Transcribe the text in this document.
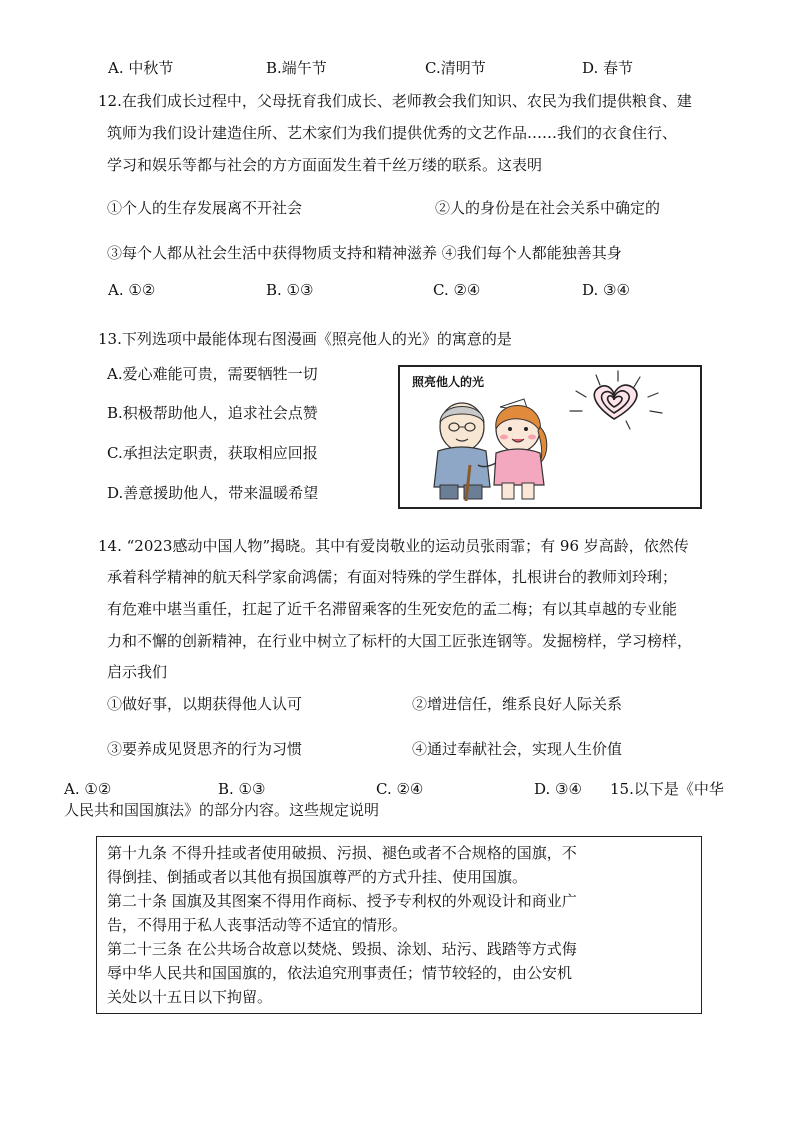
A. 中秋节	B.端午节	C.清明节	D. 春节
12.在我们成长过程中，父母抚育我们成长、老师教会我们知识、农民为我们提供粮食、建
筑师为我们设计建造住所、艺术家们为我们提供优秀的文艺作品……我们的衣食住行、
学习和娱乐等都与社会的方方面面发生着千丝万缕的联系。这表明
①个人的生存发展离不开社会	②人的身份是在社会关系中确定的
③每个人都从社会生活中获得物质支持和精神滋养 ④我们每个人都能独善其身
A. ①②	B. ①③	C. ②④	D. ③④
13.下列选项中最能体现右图漫画《照亮他人的光》的寓意的是
A.爱心难能可贵，需要牺牲一切
B.积极帮助他人，追求社会点赞
C.承担法定职责，获取相应回报
D.善意援助他人，带来温暖希望
照亮他人的光
14. “2023感动中国人物”揭晓。其中有爱岗敬业的运动员张雨霏；有 96 岁高龄，依然传
承着科学精神的航天科学家俞鸿儒；有面对特殊的学生群体，扎根讲台的教师刘玲琍；
有危难中堪当重任，扛起了近千名滞留乘客的生死安危的孟二梅；有以其卓越的专业能
力和不懈的创新精神，在行业中树立了标杆的大国工匠张连钢等。发掘榜样，学习榜样，
启示我们
①做好事，以期获得他人认可	②增进信任，维系良好人际关系
③要养成见贤思齐的行为习惯	④通过奉献社会，实现人生价值
A. ①②	B. ①③	C. ②④	D. ③④ 15.以下是《中华
人民共和国国旗法》的部分内容。这些规定说明
第十九条 不得升挂或者使用破损、污损、褪色或者不合规格的国旗，不
得倒挂、倒插或者以其他有损国旗尊严的方式升挂、使用国旗。
第二十条 国旗及其图案不得用作商标、授予专利权的外观设计和商业广
告，不得用于私人丧事活动等不适宜的情形。
第二十三条 在公共场合故意以焚烧、毁损、涂划、玷污、践踏等方式侮
辱中华人民共和国国旗的，依法追究刑事责任；情节较轻的，由公安机
关处以十五日以下拘留。
